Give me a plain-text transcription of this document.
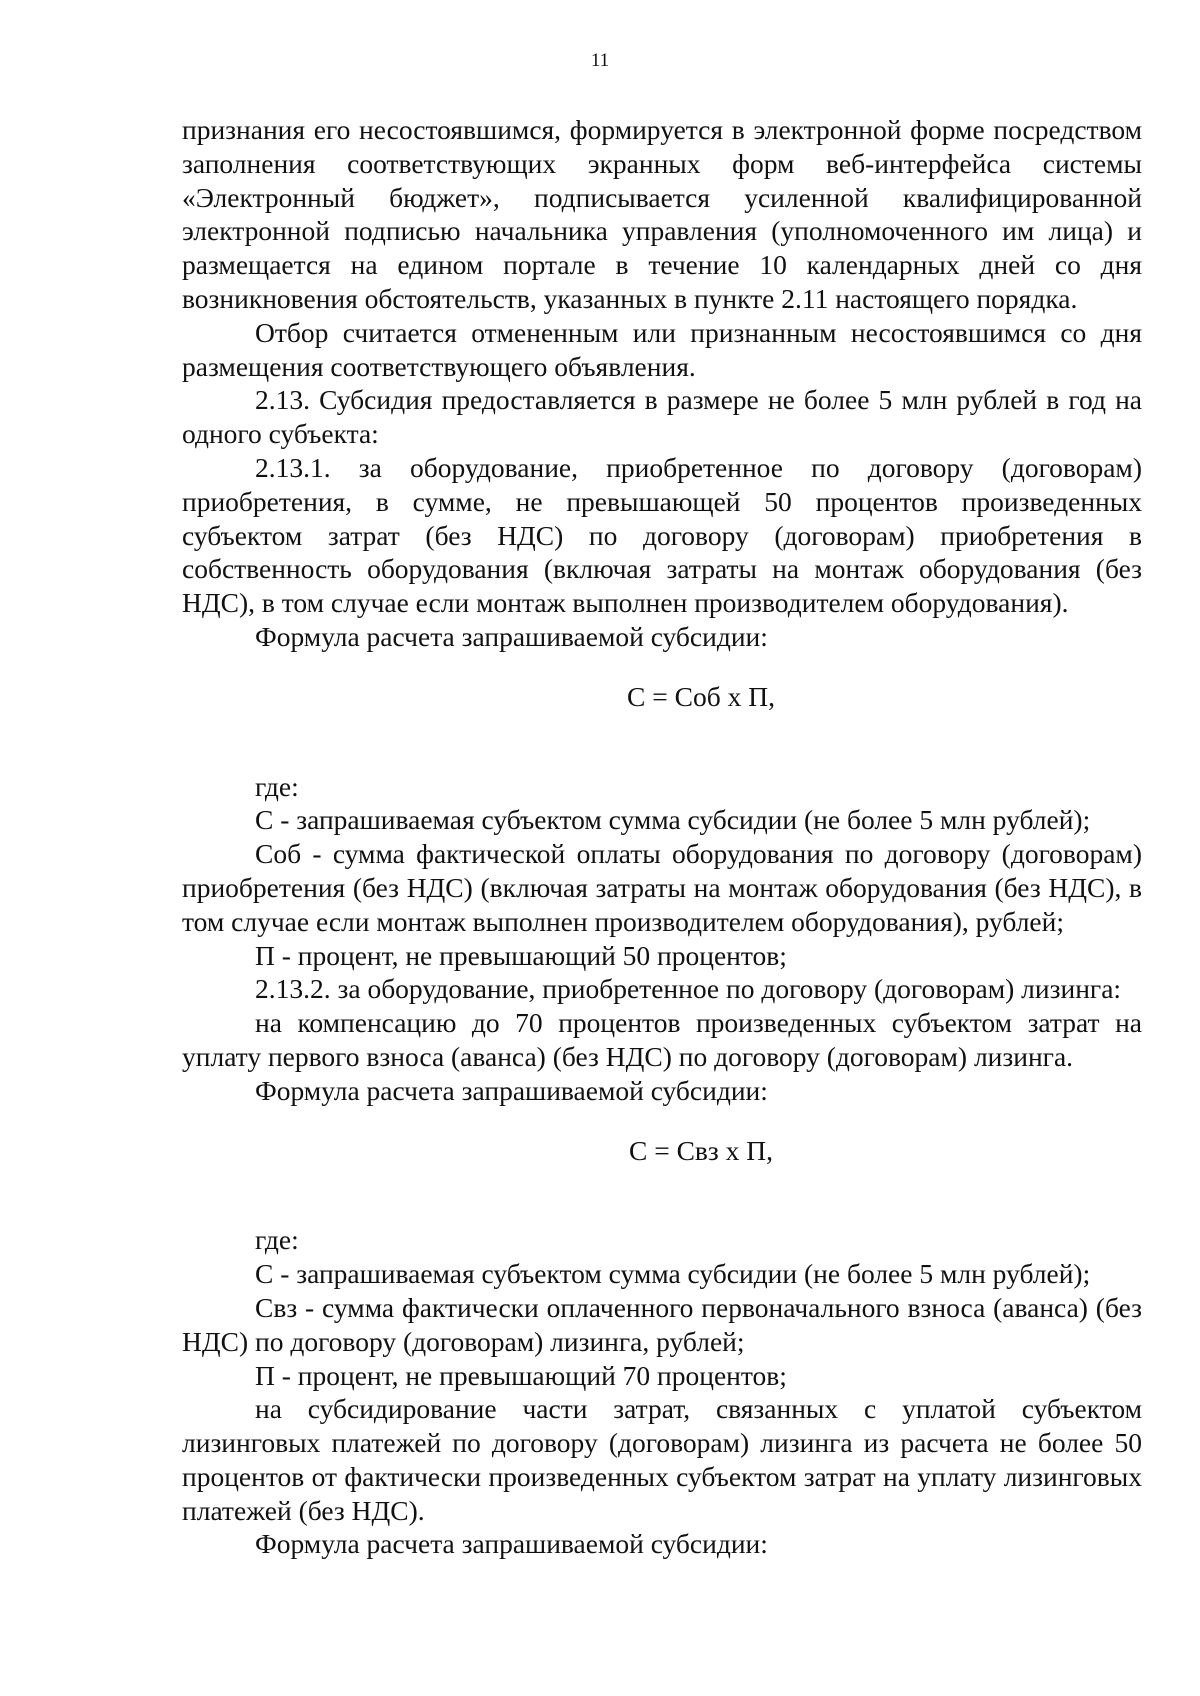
11

признания его несостоявшимся, формируется в электронной форме посредством заполнения соответствующих экранных форм веб-интерфейса системы «Электронный бюджет», подписывается усиленной квалифицированной электронной подписью начальника управления (уполномоченного им лица) и размещается на едином портале в течение 10 календарных дней со дня возникновения обстоятельств, указанных в пункте 2.11 настоящего порядка.

Отбор считается отмененным или признанным несостоявшимся со дня размещения соответствующего объявления.

2.13. Субсидия предоставляется в размере не более 5 млн рублей в год на одного субъекта:

2.13.1. за оборудование, приобретенное по договору (договорам) приобретения, в сумме, не превышающей 50 процентов произведенных субъектом затрат (без НДС) по договору (договорам) приобретения в собственность оборудования (включая затраты на монтаж оборудования (без НДС), в том случае если монтаж выполнен производителем оборудования).

Формула расчета запрашиваемой субсидии:

С = Соб х П,

где:

С - запрашиваемая субъектом сумма субсидии (не более 5 млн рублей);

Соб - сумма фактической оплаты оборудования по договору (договорам) приобретения (без НДС) (включая затраты на монтаж оборудования (без НДС), в том случае если монтаж выполнен производителем оборудования), рублей;

П - процент, не превышающий 50 процентов;

2.13.2. за оборудование, приобретенное по договору (договорам) лизинга:

на компенсацию до 70 процентов произведенных субъектом затрат на уплату первого взноса (аванса) (без НДС) по договору (договорам) лизинга.

Формула расчета запрашиваемой субсидии:

С = Свз х П,

где:

С - запрашиваемая субъектом сумма субсидии (не более 5 млн рублей);

Свз - сумма фактически оплаченного первоначального взноса (аванса) (без НДС) по договору (договорам) лизинга, рублей;

П - процент, не превышающий 70 процентов;

на субсидирование части затрат, связанных с уплатой субъектом лизинговых платежей по договору (договорам) лизинга из расчета не более 50 процентов от фактически произведенных субъектом затрат на уплату лизинговых платежей (без НДС).

Формула расчета запрашиваемой субсидии:
